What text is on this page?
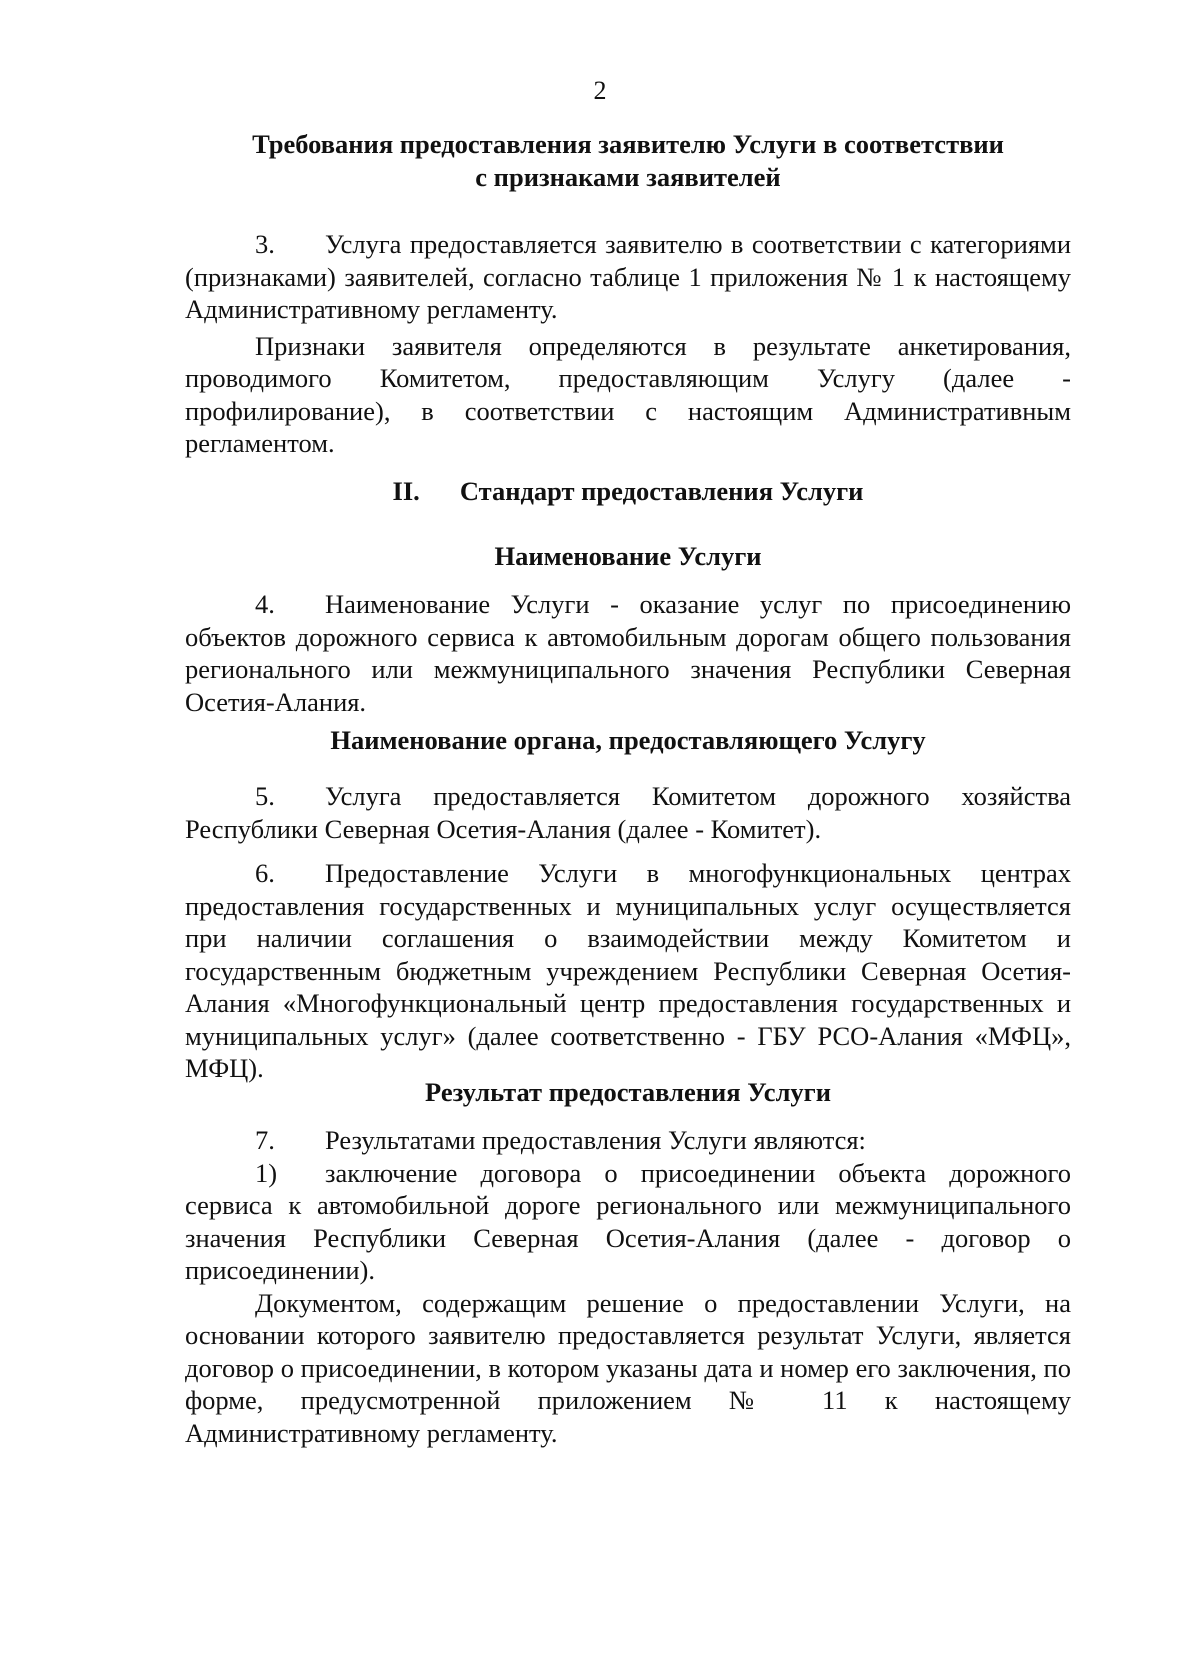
2
Требования предоставления заявителю Услуги в соответствии
с признаками заявителей

3. Услуга предоставляется заявителю в соответствии с категориями (признаками) заявителей, согласно таблице 1 приложения № 1 к настоящему Административному регламенту.

Признаки заявителя определяются в результате анкетирования, проводимого Комитетом, предоставляющим Услугу (далее - профилирование), в соответствии с настоящим Административным регламентом.

II. Стандарт предоставления Услуги
Наименование Услуги

4. Наименование Услуги - оказание услуг по присоединению объектов дорожного сервиса к автомобильным дорогам общего пользования регионального или межмуниципального значения Республики Северная Осетия-Алания.

Наименование органа, предоставляющего Услугу

5. Услуга предоставляется Комитетом дорожного хозяйства Республики Северная Осетия-Алания (далее - Комитет).

6. Предоставление Услуги в многофункциональных центрах предоставления государственных и муниципальных услуг осуществляется при наличии соглашения о взаимодействии между Комитетом и государственным бюджетным учреждением Республики Северная Осетия-Алания «Многофункциональный центр предоставления государственных и муниципальных услуг» (далее соответственно - ГБУ РСО-Алания «МФЦ», МФЦ).

Результат предоставления Услуги

7. Результатами предоставления Услуги являются:

1) заключение договора о присоединении объекта дорожного сервиса к автомобильной дороге регионального или межмуниципального значения Республики Северная Осетия-Алания (далее - договор о присоединении).

Документом, содержащим решение о предоставлении Услуги, на основании которого заявителю предоставляется результат Услуги, является договор о присоединении, в котором указаны дата и номер его заключения, по форме, предусмотренной приложением № 11 к настоящему Административному регламенту.
